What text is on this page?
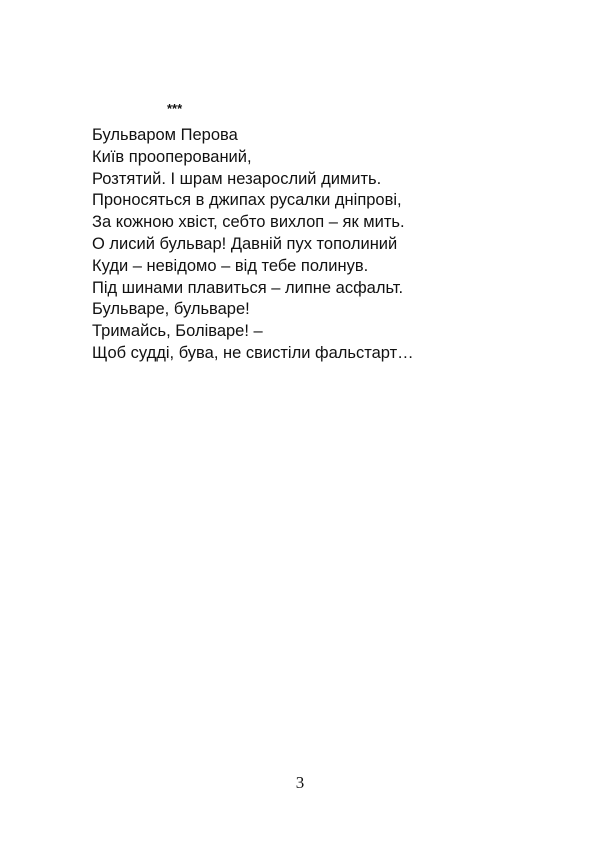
***
Бульваром Перова
Київ прооперований,
Розтятий. І шрам незарослий димить.
Проносяться в джипах русалки дніпрові,
За кожною хвіст, себто вихлоп – як мить.
О лисий бульвар! Давній пух тополиний
Куди – невідомо – від тебе полинув.
Під шинами плавиться – липне асфальт.
Бульваре, бульваре!
Тримайсь, Боліваре! –
Щоб судді, бува, не свистіли фальстарт…
3
